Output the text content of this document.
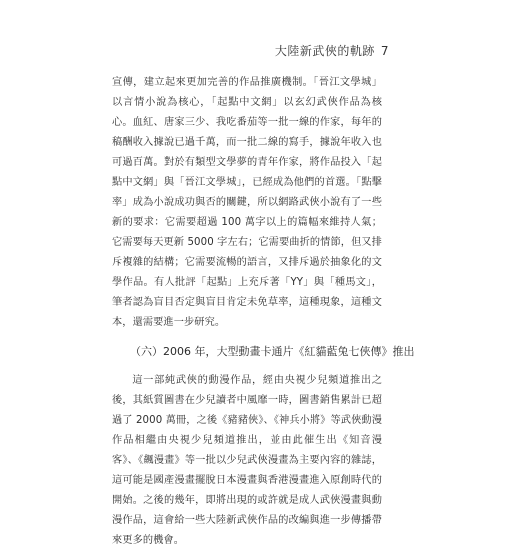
大陸新武俠的軌跡 7

宣傳，建立起來更加完善的作品推廣機制。「晉江文學城」以言情小說為核心，「起點中文網」以玄幻武俠作品為核心。血紅、唐家三少、我吃番茄等一批一線的作家，每年的稿酬收入據說已過千萬，而一批二線的寫手，據說年收入也可過百萬。對於有類型文學夢的青年作家，將作品投入「起點中文網」與「晉江文學城」，已經成為他們的首選。「點擊率」成為小說成功與否的關鍵，所以網路武俠小說有了一些新的要求：它需要超過 100 萬字以上的篇幅來維持人氣；它需要每天更新 5000 字左右；它需要曲折的情節，但又排斥複雜的結構；它需要流暢的語言，又排斥過於抽象化的文學作品。有人批評「起點」上充斥著「YY」與「種馬文」，筆者認為盲目否定與盲目肯定未免草率，這種現象，這種文本，還需要進一步研究。

（六）2006 年，大型動畫卡通片《紅貓藍兔七俠傳》推出

這一部純武俠的動漫作品，經由央視少兒頻道推出之後，其紙質圖書在少兒讀者中風靡一時，圖書銷售累計已超過了 2000 萬冊，之後《豬豬俠》、《神兵小將》等武俠動漫作品相繼由央視少兒頻道推出，並由此催生出《知音漫客》、《飆漫畫》等一批以少兒武俠漫畫為主要內容的雜誌，這可能是國產漫畫擺脫日本漫畫與香港漫畫進入原創時代的開始。之後的幾年，即將出現的或許就是成人武俠漫畫與動漫作品，這會給一些大陸新武俠作品的改編與進一步傳播帶來更多的機會。
